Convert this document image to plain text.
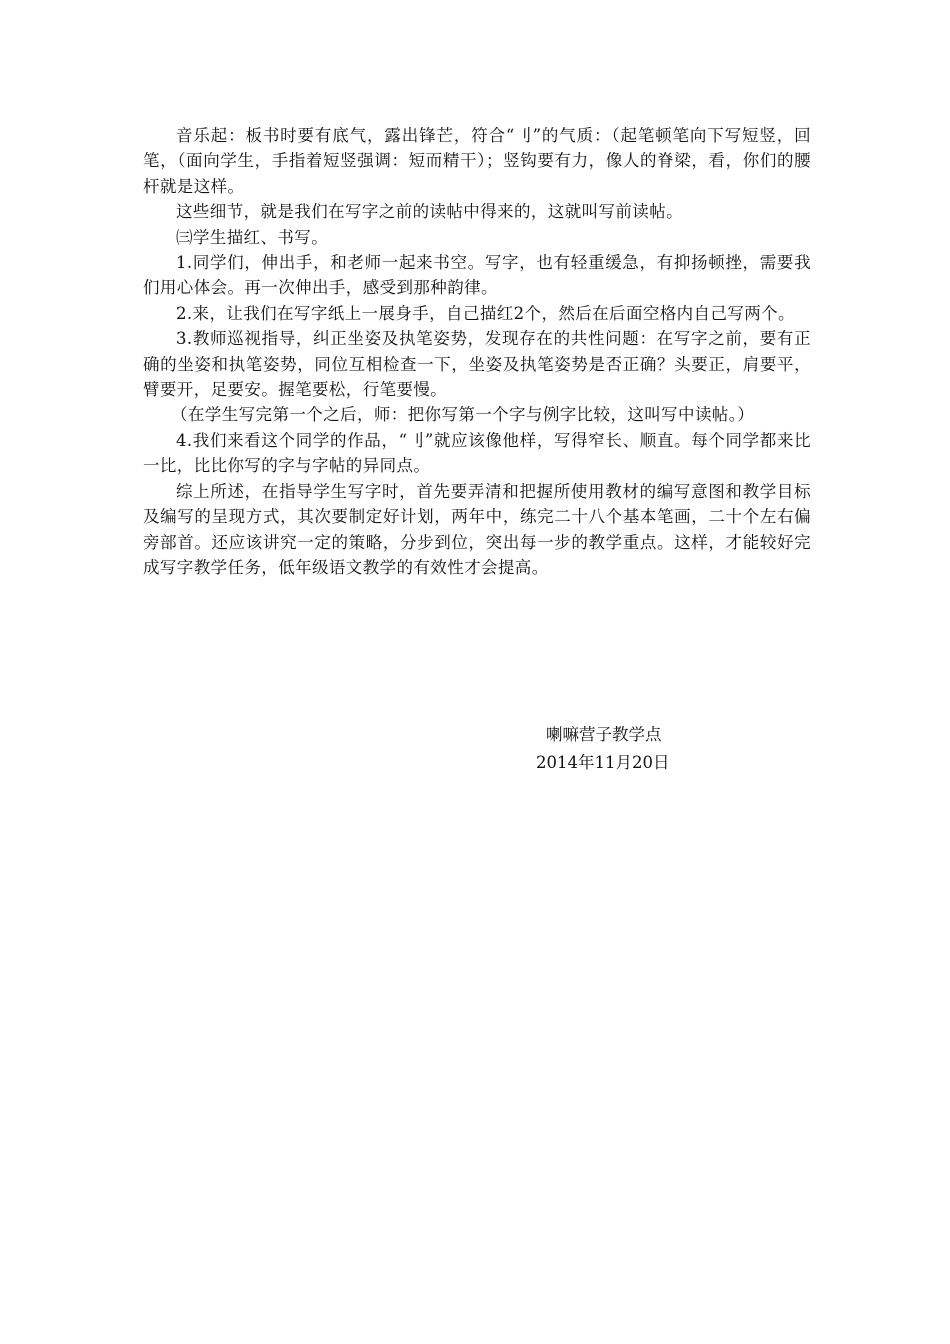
音乐起：板书时要有底气，露出锋芒，符合“刂”的气质：（起笔顿笔向下写短竖，回笔，（面向学生，手指着短竖强调：短而精干）；竖钩要有力，像人的脊梁，看，你们的腰杆就是这样。

这些细节，就是我们在写字之前的读帖中得来的，这就叫写前读帖。

㈢学生描红、书写。

1.同学们，伸出手，和老师一起来书空。写字，也有轻重缓急，有抑扬顿挫，需要我们用心体会。再一次伸出手，感受到那种韵律。

2.来，让我们在写字纸上一展身手，自己描红2个，然后在后面空格内自己写两个。

3.教师巡视指导，纠正坐姿及执笔姿势，发现存在的共性问题：在写字之前，要有正确的坐姿和执笔姿势，同位互相检查一下，坐姿及执笔姿势是否正确？头要正，肩要平，臂要开，足要安。握笔要松，行笔要慢。

（在学生写完第一个之后，师：把你写第一个字与例字比较，这叫写中读帖。）

4.我们来看这个同学的作品，“刂”就应该像他样，写得窄长、顺直。每个同学都来比一比，比比你写的字与字帖的异同点。

综上所述，在指导学生写字时，首先要弄清和把握所使用教材的编写意图和教学目标及编写的呈现方式，其次要制定好计划，两年中，练完二十八个基本笔画，二十个左右偏旁部首。还应该讲究一定的策略，分步到位，突出每一步的教学重点。这样，才能较好完成写字教学任务，低年级语文教学的有效性才会提高。

喇嘛营子教学点
2014年11月20日
